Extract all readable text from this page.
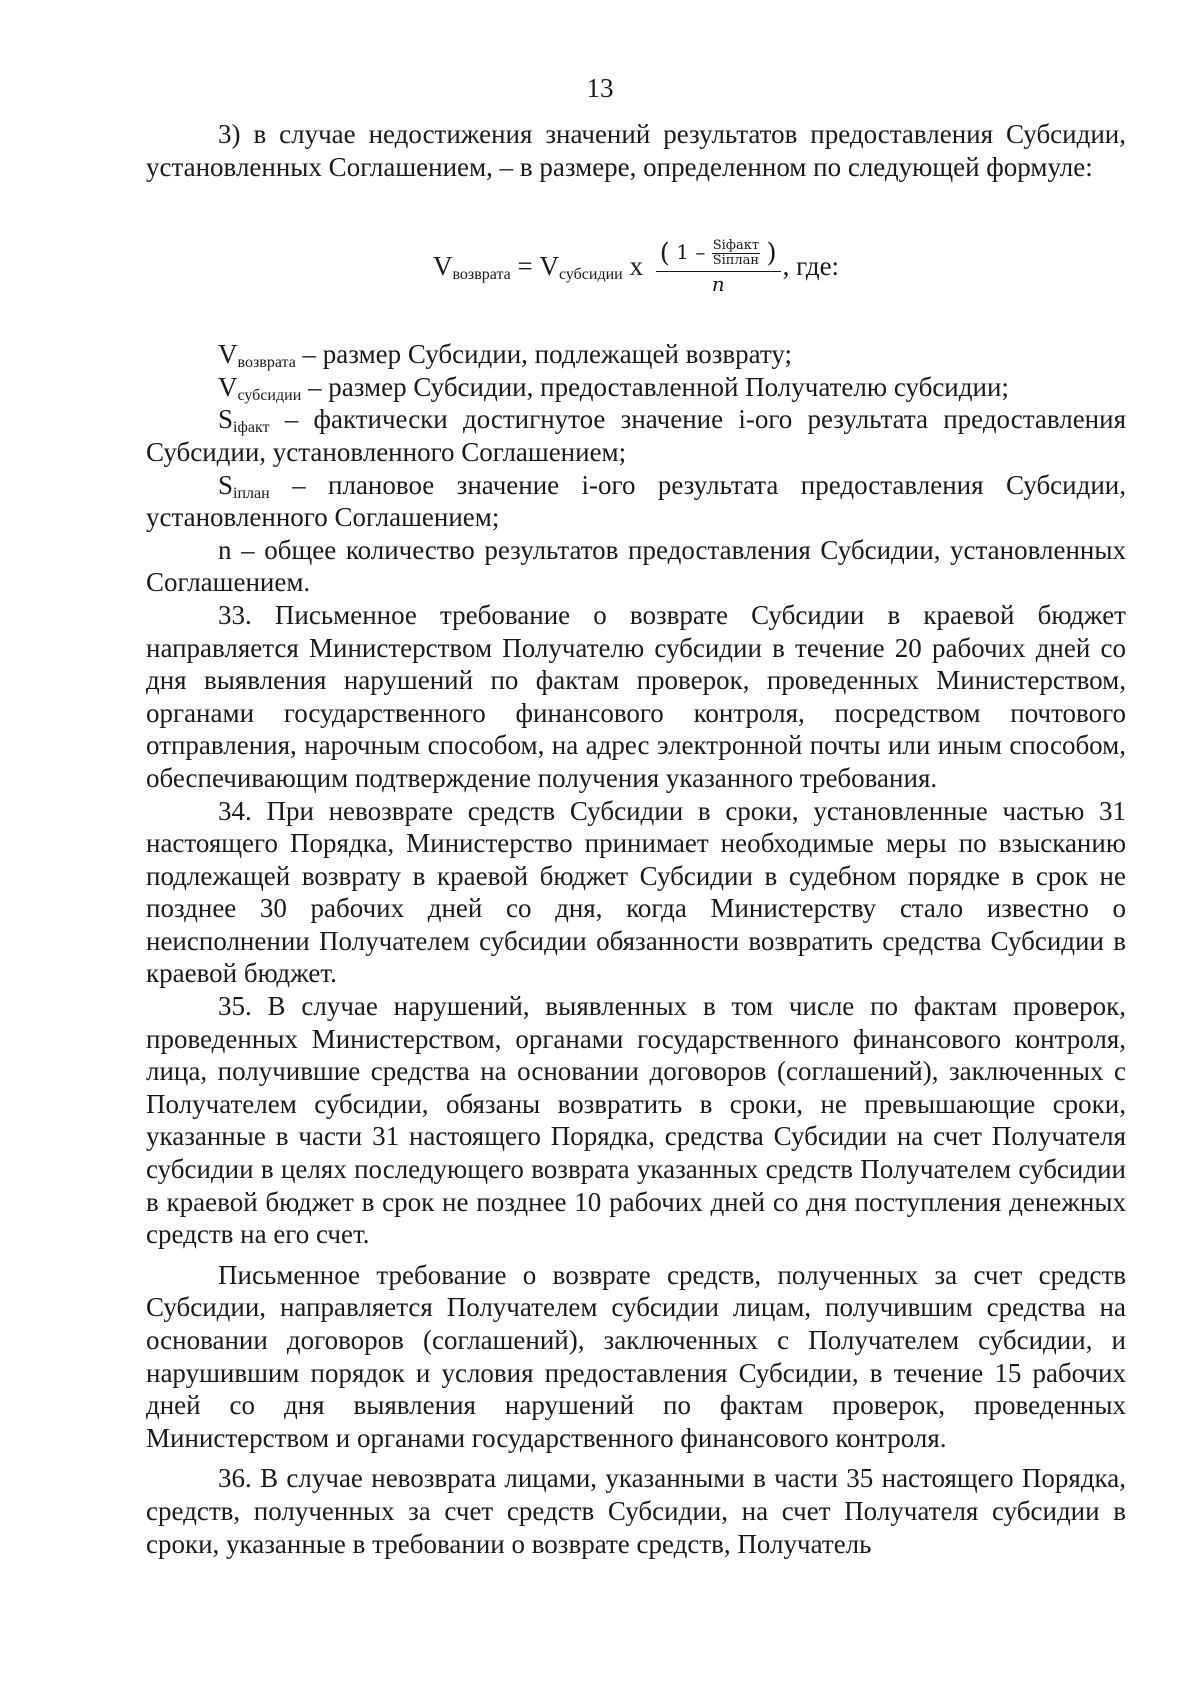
13

3) в случае недостижения значений результатов предоставления Субсидии, установленных Соглашением, – в размере, определенном по следующей формуле:

$V_{возврата} = V_{субсидии}$ x ( $1 - \frac{\text{Siфакт}}{\text{Siплан}}$ )
n
, где:

$V_{возврата}$ – размер Субсидии, подлежащей возврату;

$V_{субсидии}$ – размер Субсидии, предоставленной Получателю субсидии;

$S_{iфакт}$ – фактически достигнутое значение i-ого результата предоставления Субсидии, установленного Соглашением;

$S_{iплан}$ – плановое значение i-ого результата предоставления Субсидии, установленного Соглашением;

n – общее количество результатов предоставления Субсидии, установленных Соглашением.

33. Письменное требование о возврате Субсидии в краевой бюджет направляется Министерством Получателю субсидии в течение 20 рабочих дней со дня выявления нарушений по фактам проверок, проведенных Министерством, органами государственного финансового контроля, посредством почтового отправления, нарочным способом, на адрес электронной почты или иным способом, обеспечивающим подтверждение получения указанного требования.

34. При невозврате средств Субсидии в сроки, установленные частью 31 настоящего Порядка, Министерство принимает необходимые меры по взысканию подлежащей возврату в краевой бюджет Субсидии в судебном порядке в срок не позднее 30 рабочих дней со дня, когда Министерству стало известно о неисполнении Получателем субсидии обязанности возвратить средства Субсидии в краевой бюджет.

35. В случае нарушений, выявленных в том числе по фактам проверок, проведенных Министерством, органами государственного финансового контроля, лица, получившие средства на основании договоров (соглашений), заключенных с Получателем субсидии, обязаны возвратить в сроки, не превышающие сроки, указанные в части 31 настоящего Порядка, средства Субсидии на счет Получателя субсидии в целях последующего возврата указанных средств Получателем субсидии в краевой бюджет в срок не позднее 10 рабочих дней со дня поступления денежных средств на его счет.

Письменное требование о возврате средств, полученных за счет средств Субсидии, направляется Получателем субсидии лицам, получившим средства на основании договоров (соглашений), заключенных с Получателем субсидии, и нарушившим порядок и условия предоставления Субсидии, в течение 15 рабочих дней со дня выявления нарушений по фактам проверок, проведенных Министерством и органами государственного финансового контроля.

36. В случае невозврата лицами, указанными в части 35 настоящего Порядка, средств, полученных за счет средств Субсидии, на счет Получателя субсидии в сроки, указанные в требовании о возврате средств, Получатель
